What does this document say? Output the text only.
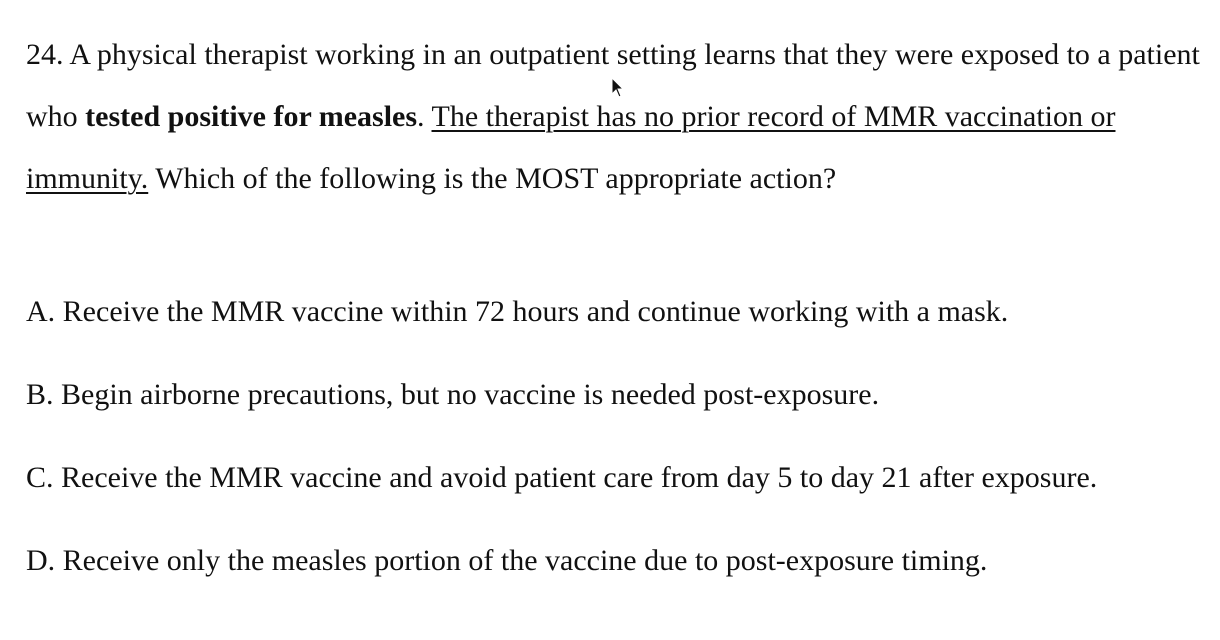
24. A physical therapist working in an outpatient setting learns that they were exposed to a patient who tested positive for measles. The therapist has no prior record of MMR vaccination or immunity. Which of the following is the MOST appropriate action?

A. Receive the MMR vaccine within 72 hours and continue working with a mask.
B. Begin airborne precautions, but no vaccine is needed post-exposure.
C. Receive the MMR vaccine and avoid patient care from day 5 to day 21 after exposure.
D. Receive only the measles portion of the vaccine due to post-exposure timing.
